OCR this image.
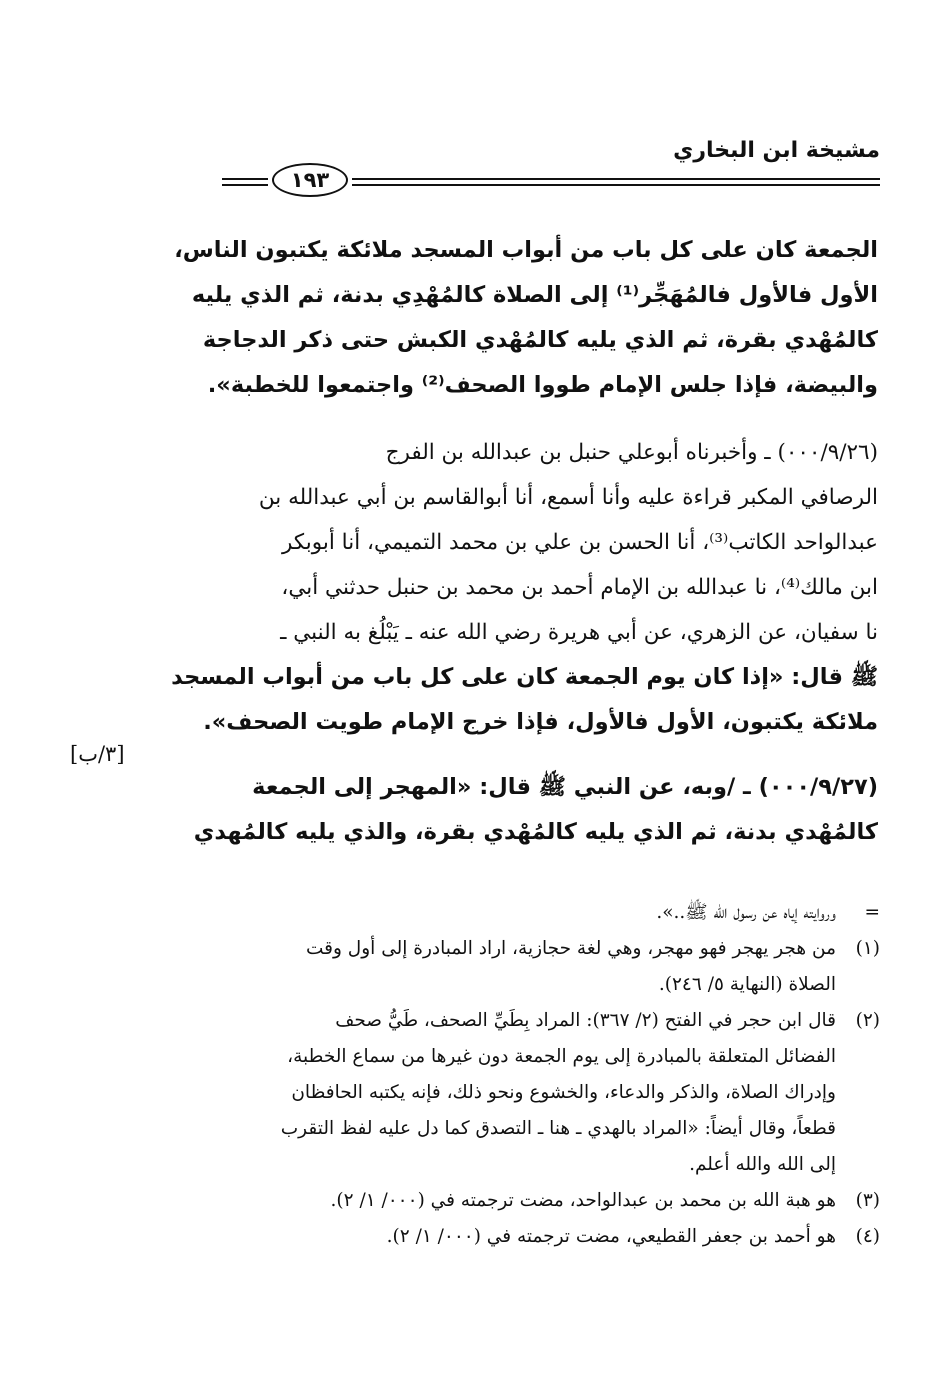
١٩٣
مشيخة ابن البخاري
الجمعة كان على كل باب من أبواب المسجد ملائكة يكتبون الناس،
الأول فالأول فالمُهَجِّر⁽¹⁾ إلى الصلاة كالمُهْدِي بدنة، ثم الذي يليه
كالمُهْدي بقرة، ثم الذي يليه كالمُهْدي الكبش حتى ذكر الدجاجة
والبيضة، فإذا جلس الإمام طووا الصحف⁽²⁾ واجتمعوا للخطبة».
(٠٠٠/٩/٢٦) ـ وأخبرناه أبوعلي حنبل بن عبدالله بن الفرج
الرصافي المكبر قراءة عليه وأنا أسمع، أنا أبوالقاسم بن أبي عبدالله بن
عبدالواحد الكاتب⁽³⁾، أنا الحسن بن علي بن محمد التميمي، أنا أبوبكر
ابن مالك⁽⁴⁾، نا عبدالله بن الإمام أحمد بن محمد بن حنبل حدثني أبي،
نا سفيان، عن الزهري، عن أبي هريرة رضي الله عنه ـ يَبْلُغ به النبي ـ
ﷺ قال: «إذا كان يوم الجمعة كان على كل باب من أبواب المسجد
ملائكة يكتبون، الأول فالأول، فإذا خرج الإمام طويت الصحف».
[٣/ب]
(٠٠٠/٩/٢٧) ـ /وبه، عن النبي ﷺ قال: «المهجر إلى الجمعة
كالمُهْدي بدنة، ثم الذي يليه كالمُهْدي بقرة، والذي يليه كالمُهدي
=
وروايته إياه عن رسول الله ﷺ..».
(١)
من هجر يهجر فهو مهجر، وهي لغة حجازية، اراد المبادرة إلى أول وقت
الصلاة (النهاية ٥/ ٢٤٦).
(٢)
قال ابن حجر في الفتح (٢/ ٣٦٧): المراد بِطَيِّ الصحف، طَيُّ صحف
الفضائل المتعلقة بالمبادرة إلى يوم الجمعة دون غيرها من سماع الخطبة،
وإدراك الصلاة، والذكر والدعاء، والخشوع ونحو ذلك، فإنه يكتبه الحافظان
قطعاً، وقال أيضاً: «المراد بالهدي ـ هنا ـ التصدق كما دل عليه لفظ التقرب
إلى الله والله أعلم.
(٣)
هو هبة الله بن محمد بن عبدالواحد، مضت ترجمته في (٠٠٠/ ١/ ٢).
(٤)
هو أحمد بن جعفر القطيعي، مضت ترجمته في (٠٠٠/ ١/ ٢).
